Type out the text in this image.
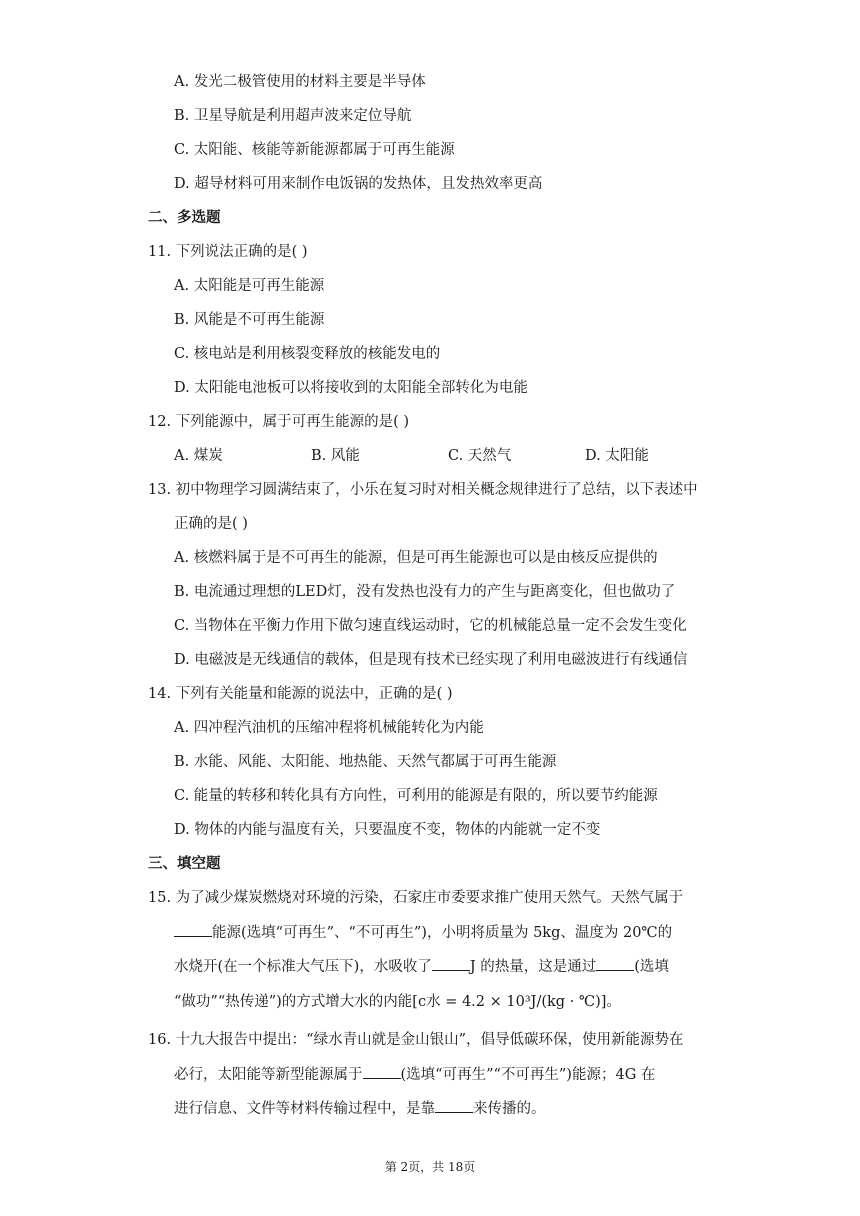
A. 发光二极管使用的材料主要是半导体
B. 卫星导航是利用超声波来定位导航
C. 太阳能、核能等新能源都属于可再生能源
D. 超导材料可用来制作电饭锅的发热体，且发热效率更高
二、多选题
11. 下列说法正确的是( )
A. 太阳能是可再生能源
B. 风能是不可再生能源
C. 核电站是利用核裂变释放的核能发电的
D. 太阳能电池板可以将接收到的太阳能全部转化为电能
12. 下列能源中，属于可再生能源的是( )
A. 煤炭	B. 风能	C. 天然气	D. 太阳能
13. 初中物理学习圆满结束了，小乐在复习时对相关概念规律进行了总结，以下表述中
正确的是( )
A. 核燃料属于是不可再生的能源，但是可再生能源也可以是由核反应提供的
B. 电流通过理想的LED灯，没有发热也没有力的产生与距离变化，但也做功了
C. 当物体在平衡力作用下做匀速直线运动时，它的机械能总量一定不会发生变化
D. 电磁波是无线通信的载体，但是现有技术已经实现了利用电磁波进行有线通信
14. 下列有关能量和能源的说法中，正确的是( )
A. 四冲程汽油机的压缩冲程将机械能转化为内能
B. 水能、风能、太阳能、地热能、天然气都属于可再生能源
C. 能量的转移和转化具有方向性，可利用的能源是有限的，所以要节约能源
D. 物体的内能与温度有关，只要温度不变，物体的内能就一定不变
三、填空题
15. 为了减少煤炭燃烧对环境的污染，石家庄市委要求推广使用天然气。天然气属于
能源(选填“可再生”、“不可再生”)，小明将质量为 5kg、温度为 20℃的
水烧开(在一个标准大气压下)，水吸收了	J 的热量，这是通过	(选填
“做功”“热传递”)的方式增大水的内能[c水 = 4.2 × 10³J/(kg · ℃)]。
16. 十九大报告中提出：“绿水青山就是金山银山”，倡导低碳环保，使用新能源势在
必行，太阳能等新型能源属于	(选填“可再生”“不可再生”)能源；4G 在
进行信息、文件等材料传输过程中，是靠	来传播的。
第 2页，共 18页
